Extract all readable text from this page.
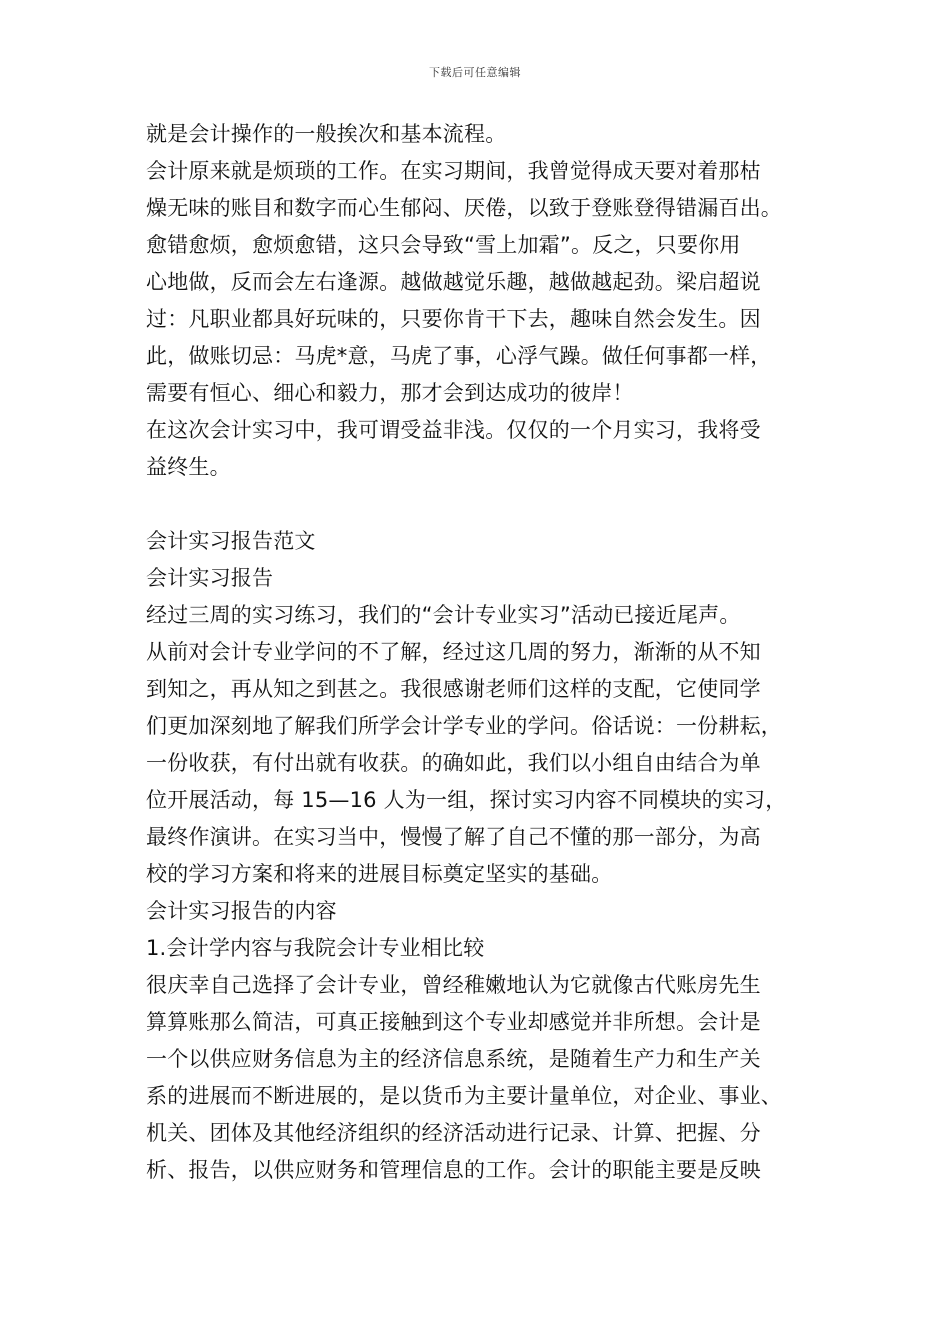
下载后可任意编辑
就是会计操作的一般挨次和基本流程。
会计原来就是烦琐的工作。在实习期间，我曾觉得成天要对着那枯
燥无味的账目和数字而心生郁闷、厌倦，以致于登账登得错漏百出。
愈错愈烦，愈烦愈错，这只会导致“雪上加霜”。反之，只要你用
心地做，反而会左右逢源。越做越觉乐趣，越做越起劲。梁启超说
过：凡职业都具好玩味的，只要你肯干下去，趣味自然会发生。因
此，做账切忌：马虎*意，马虎了事，心浮气躁。做任何事都一样，
需要有恒心、细心和毅力，那才会到达成功的彼岸！
在这次会计实习中，我可谓受益非浅。仅仅的一个月实习，我将受
益终生。
会计实习报告范文
会计实习报告
经过三周的实习练习，我们的“会计专业实习”活动已接近尾声。
从前对会计专业学问的不了解，经过这几周的努力，渐渐的从不知
到知之，再从知之到甚之。我很感谢老师们这样的支配，它使同学
们更加深刻地了解我们所学会计学专业的学问。俗话说：一份耕耘，
一份收获，有付出就有收获。的确如此，我们以小组自由结合为单
位开展活动，每 15—16 人为一组，探讨实习内容不同模块的实习，
最终作演讲。在实习当中，慢慢了解了自己不懂的那一部分，为高
校的学习方案和将来的进展目标奠定坚实的基础。
会计实习报告的内容
1.会计学内容与我院会计专业相比较
很庆幸自己选择了会计专业，曾经稚嫩地认为它就像古代账房先生
算算账那么简洁，可真正接触到这个专业却感觉并非所想。会计是
一个以供应财务信息为主的经济信息系统，是随着生产力和生产关
系的进展而不断进展的，是以货币为主要计量单位，对企业、事业、
机关、团体及其他经济组织的经济活动进行记录、计算、把握、分
析、报告，以供应财务和管理信息的工作。会计的职能主要是反映
